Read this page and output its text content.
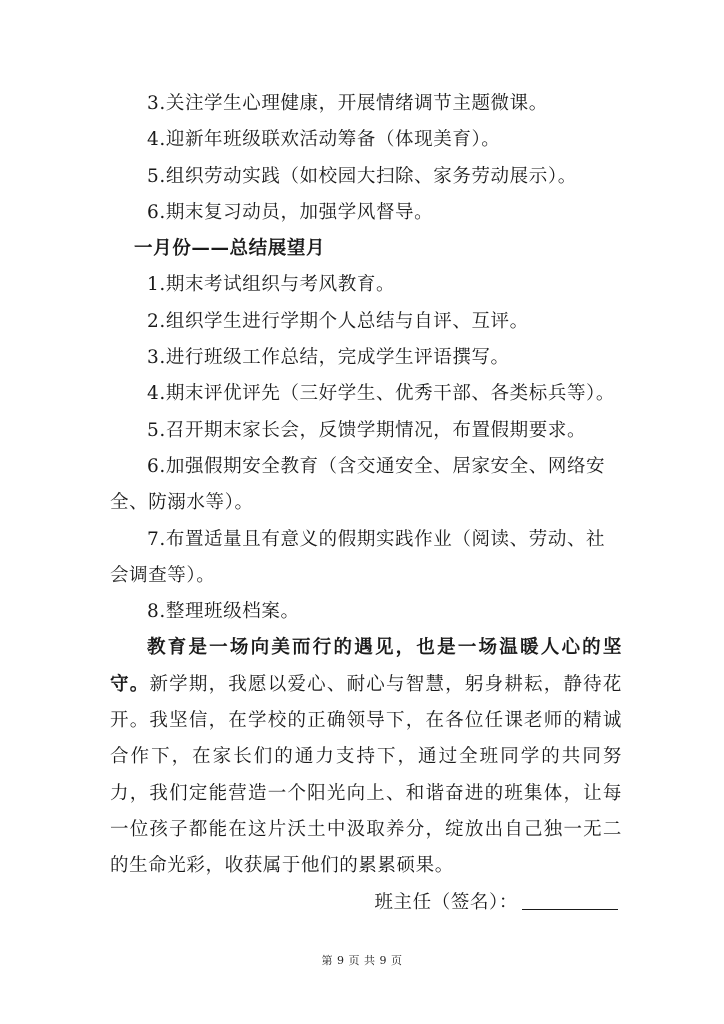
3.关注学生心理健康，开展情绪调节主题微课。

4.迎新年班级联欢活动筹备（体现美育）。

5.组织劳动实践（如校园大扫除、家务劳动展示）。

6.期末复习动员，加强学风督导。

一月份——总结展望月

1.期末考试组织与考风教育。

2.组织学生进行学期个人总结与自评、互评。

3.进行班级工作总结，完成学生评语撰写。

4.期末评优评先（三好学生、优秀干部、各类标兵等）。

5.召开期末家长会，反馈学期情况，布置假期要求。

6.加强假期安全教育（含交通安全、居家安全、网络安全、防溺水等）。

7.布置适量且有意义的假期实践作业（阅读、劳动、社会调查等）。

8.整理班级档案。

教育是一场向美而行的遇见，也是一场温暖人心的坚守。新学期，我愿以爱心、耐心与智慧，躬身耕耘，静待花开。我坚信，在学校的正确领导下，在各位任课老师的精诚合作下，在家长们的通力支持下，通过全班同学的共同努力，我们定能营造一个阳光向上、和谐奋进的班集体，让每一位孩子都能在这片沃土中汲取养分，绽放出自己独一无二的生命光彩，收获属于他们的累累硕果。

班主任（签名）：

第 9 页 共 9 页
